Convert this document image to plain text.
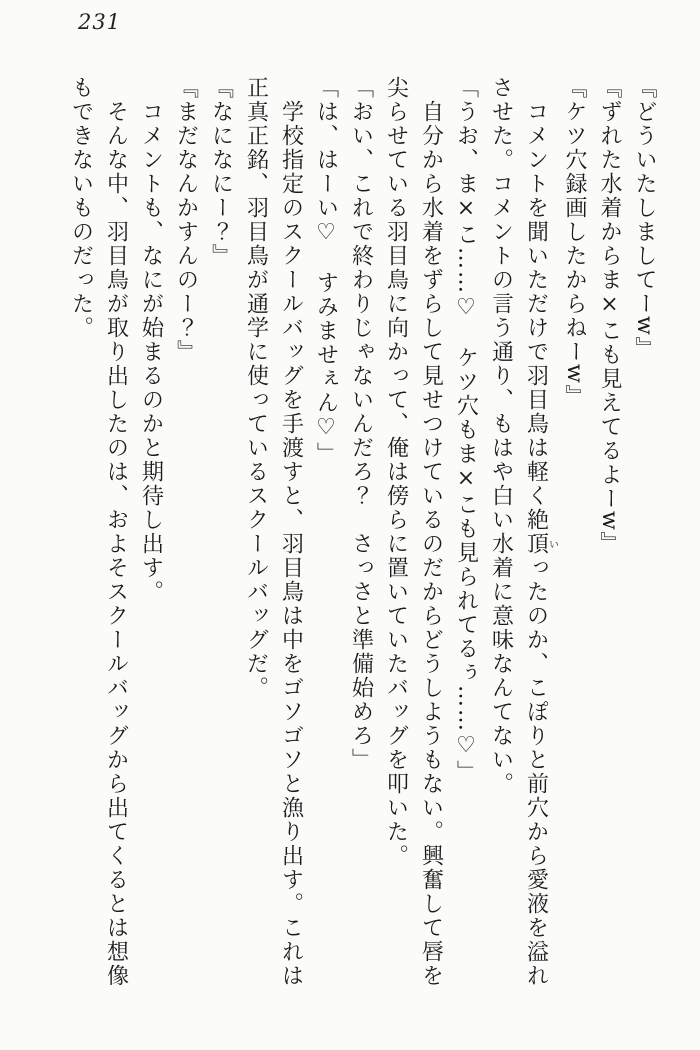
231

『どういたしましてーw』

『ずれた水着からま×こも見えてるよーw』

『ケツ穴録画したからねーw』

　コメントを聞いただけで羽目鳥は軽く絶頂いったのか、こぽりと前穴から愛液を溢れ

させた。コメントの言う通り、もはや白い水着に意味なんてない。

「うお、ま×こ……♡　ケツ穴もま×こも見られてるぅ……♡」

　自分から水着をずらして見せつけているのだからどうしようもない。興奮して唇を

尖らせている羽目鳥に向かって、俺は傍らに置いていたバッグを叩いた。

「おい、これで終わりじゃないんだろ？　さっさと準備始めろ」

「は、はーい♡　すみませぇん♡」

　学校指定のスクールバッグを手渡すと、羽目鳥は中をゴソゴソと漁り出す。これは

正真正銘、羽目鳥が通学に使っているスクールバッグだ。

『なになにー？』

『まだなんかすんのー？』

　コメントも、なにが始まるのかと期待し出す。

　そんな中、羽目鳥が取り出したのは、およそスクールバッグから出てくるとは想像

もできないものだった。
